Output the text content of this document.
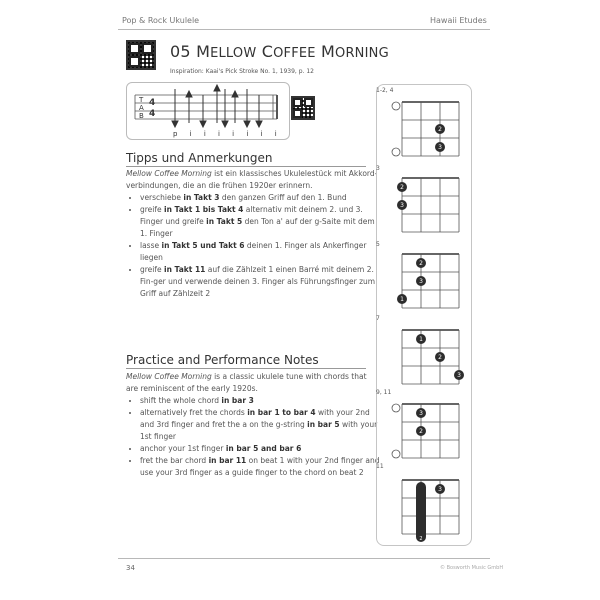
Pop & Rock Ukulele	Hawaii Etudes
05 MELLOW COFFEE MORNING
Inspiration: Kaai's Pick Stroke No. 1, 1939, p. 12
T
A
B
4
4
p i i i i i i i
Tipps und Anmerkungen

Mellow Coffee Morning ist ein klassisches Ukulelestück mit Akkord-verbindungen, die an die frühen 1920er erinnern.

• verschiebe in Takt 3 den ganzen Griff auf den 1. Bund
• greife in Takt 1 bis Takt 4 alternativ mit deinem 2. und 3. Finger und greife in Takt 5 den Ton a' auf der g-Saite mit dem 1. Finger
• lasse in Takt 5 und Takt 6 deinen 1. Finger als Ankerfinger liegen
• greife in Takt 11 auf die Zählzeit 1 einen Barré mit deinem 2. Fin-ger und verwende deinen 3. Finger als Führungsfinger zum Griff auf Zählzeit 2
Practice and Performance Notes

Mellow Coffee Morning is a classic ukulele tune with chords that are reminiscent of the early 1920s.

• shift the whole chord in bar 3
• alternatively fret the chords in bar 1 to bar 4 with your 2nd and 3rd finger and fret the a on the g-string in bar 5 with your 1st finger
• anchor your 1st finger in bar 5 and bar 6
• fret the bar chord in bar 11 on beat 1 with your 2nd finger and use your 3rd finger as a guide finger to the chord on beat 2
1-2, 4
2
3
3
2
3
5
2
3
1
7
1
2
3
9, 11
3
2
11
2
3
34	© Bosworth Music GmbH
